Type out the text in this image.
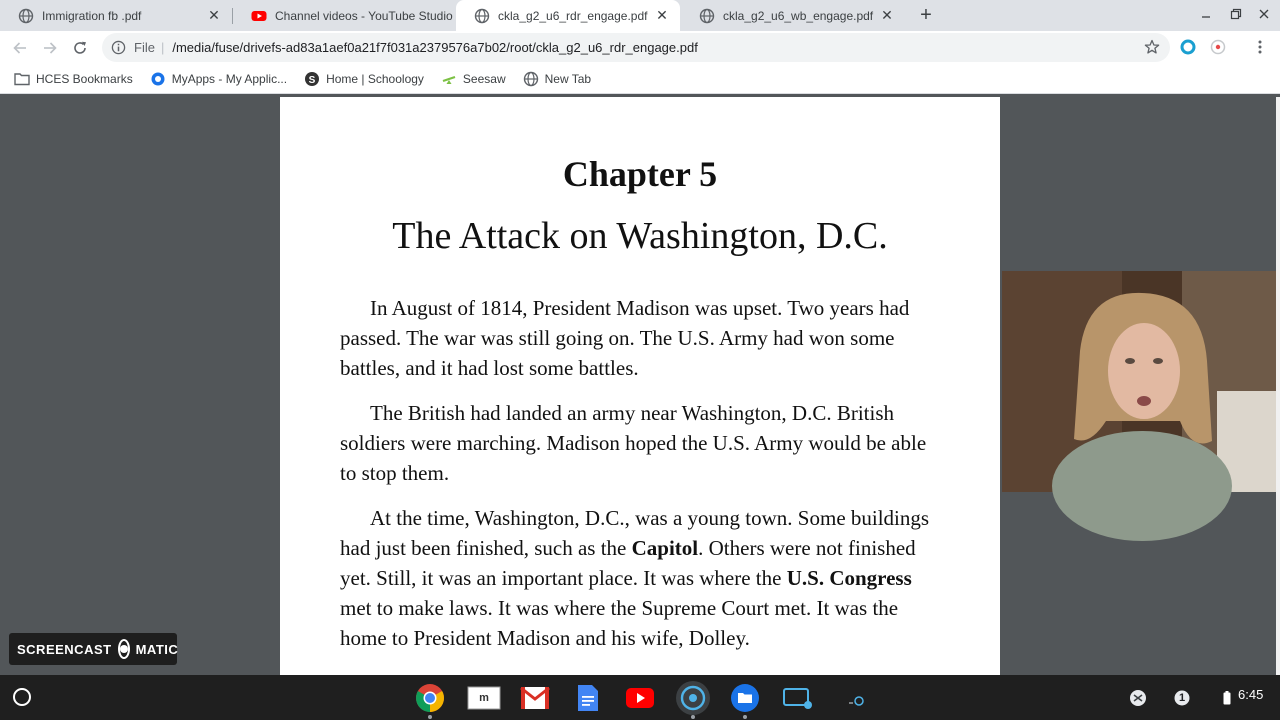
Immigration fb .pdf	✕	Channel videos - YouTube Studio	ckla_g2_u6_rdr_engage.pdf ✕	ckla_g2_u6_wb_engage.pdf ✕	+
File | /media/fuse/drivefs-ad83a1aef0a21f7f031a2379576a7b02/root/ckla_g2_u6_rdr_engage.pdf
HCES Bookmarks	MyApps - My Applic... S Home | Schoology	Seesaw	New Tab
Chapter 5
The Attack on Washington, D.C.

In August of 1814, President Madison was upset. Two years had passed. The war was still going on. The U.S. Army had won some battles, and it had lost some battles.

The British had landed an army near Washington, D.C. British soldiers were marching. Madison hoped the U.S. Army would be able to stop them.

At the time, Washington, D.C., was a young town. Some buildings had just been finished, such as the Capitol. Others were not finished yet. Still, it was an important place. It was where the U.S. Congress met to make laws. It was where the Supreme Court met. It was the home to President Madison and his wife, Dolley.

SCREENCAST MATIC
m	1	6:45
